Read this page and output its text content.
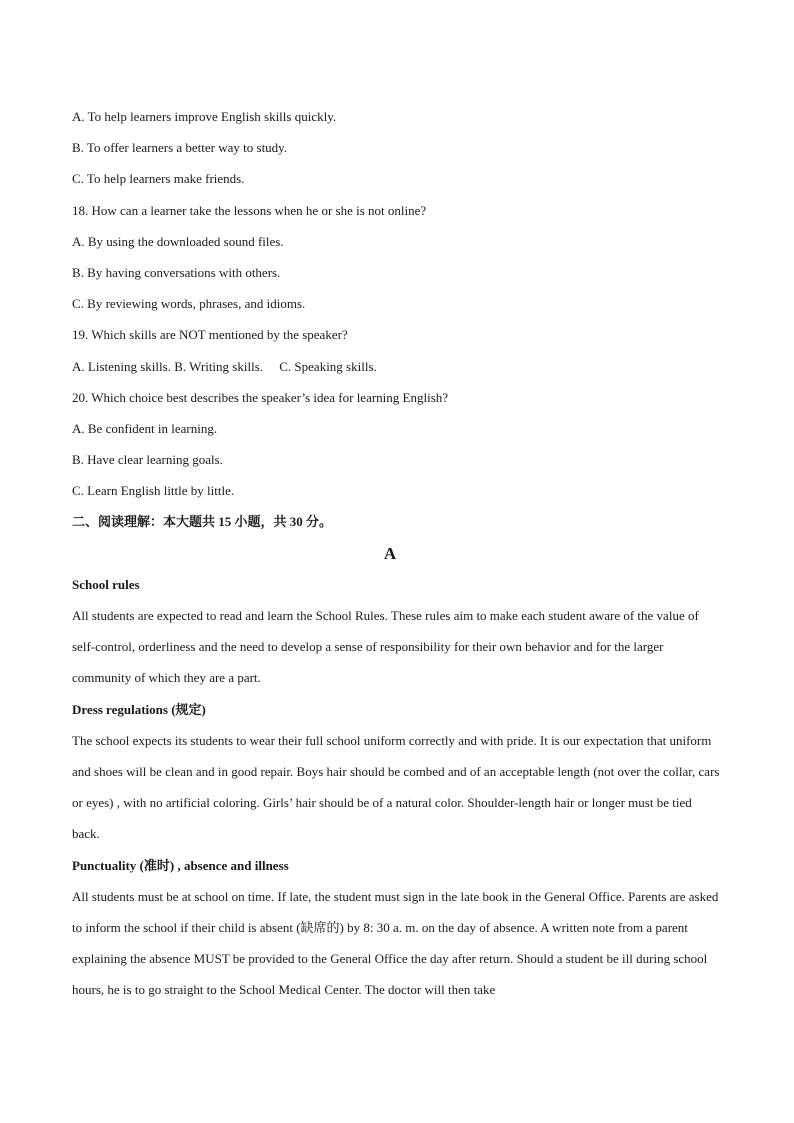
A. To help learners improve English skills quickly.
B. To offer learners a better way to study.
C. To help learners make friends.
18. How can a learner take the lessons when he or she is not online?
A. By using the downloaded sound files.
B. By having conversations with others.
C. By reviewing words, phrases, and idioms.
19. Which skills are NOT mentioned by the speaker?
A. Listening skills. B. Writing skills.     C. Speaking skills.
20. Which choice best describes the speaker’s idea for learning English?
A. Be confident in learning.
B. Have clear learning goals.
C. Learn English little by little.
二、阅读理解：本大题共 15 小题，共 30 分。
A
School rules
All students are expected to read and learn the School Rules. These rules aim to make each student aware of the value of self-control, orderliness and the need to develop a sense of responsibility for their own behavior and for the larger community of which they are a part.
Dress regulations (规定)
The school expects its students to wear their full school uniform correctly and with pride. It is our expectation that uniform and shoes will be clean and in good repair. Boys hair should be combed and of an acceptable length (not over the collar, cars or eyes) , with no artificial coloring. Girls’ hair should be of a natural color. Shoulder-length hair or longer must be tied back.
Punctuality (准时) , absence and illness
All students must be at school on time. If late, the student must sign in the late book in the General Office. Parents are asked to inform the school if their child is absent (缺席的) by 8: 30 a. m. on the day of absence. A written note from a parent explaining the absence MUST be provided to the General Office the day after return. Should a student be ill during school hours, he is to go straight to the School Medical Center. The doctor will then take
